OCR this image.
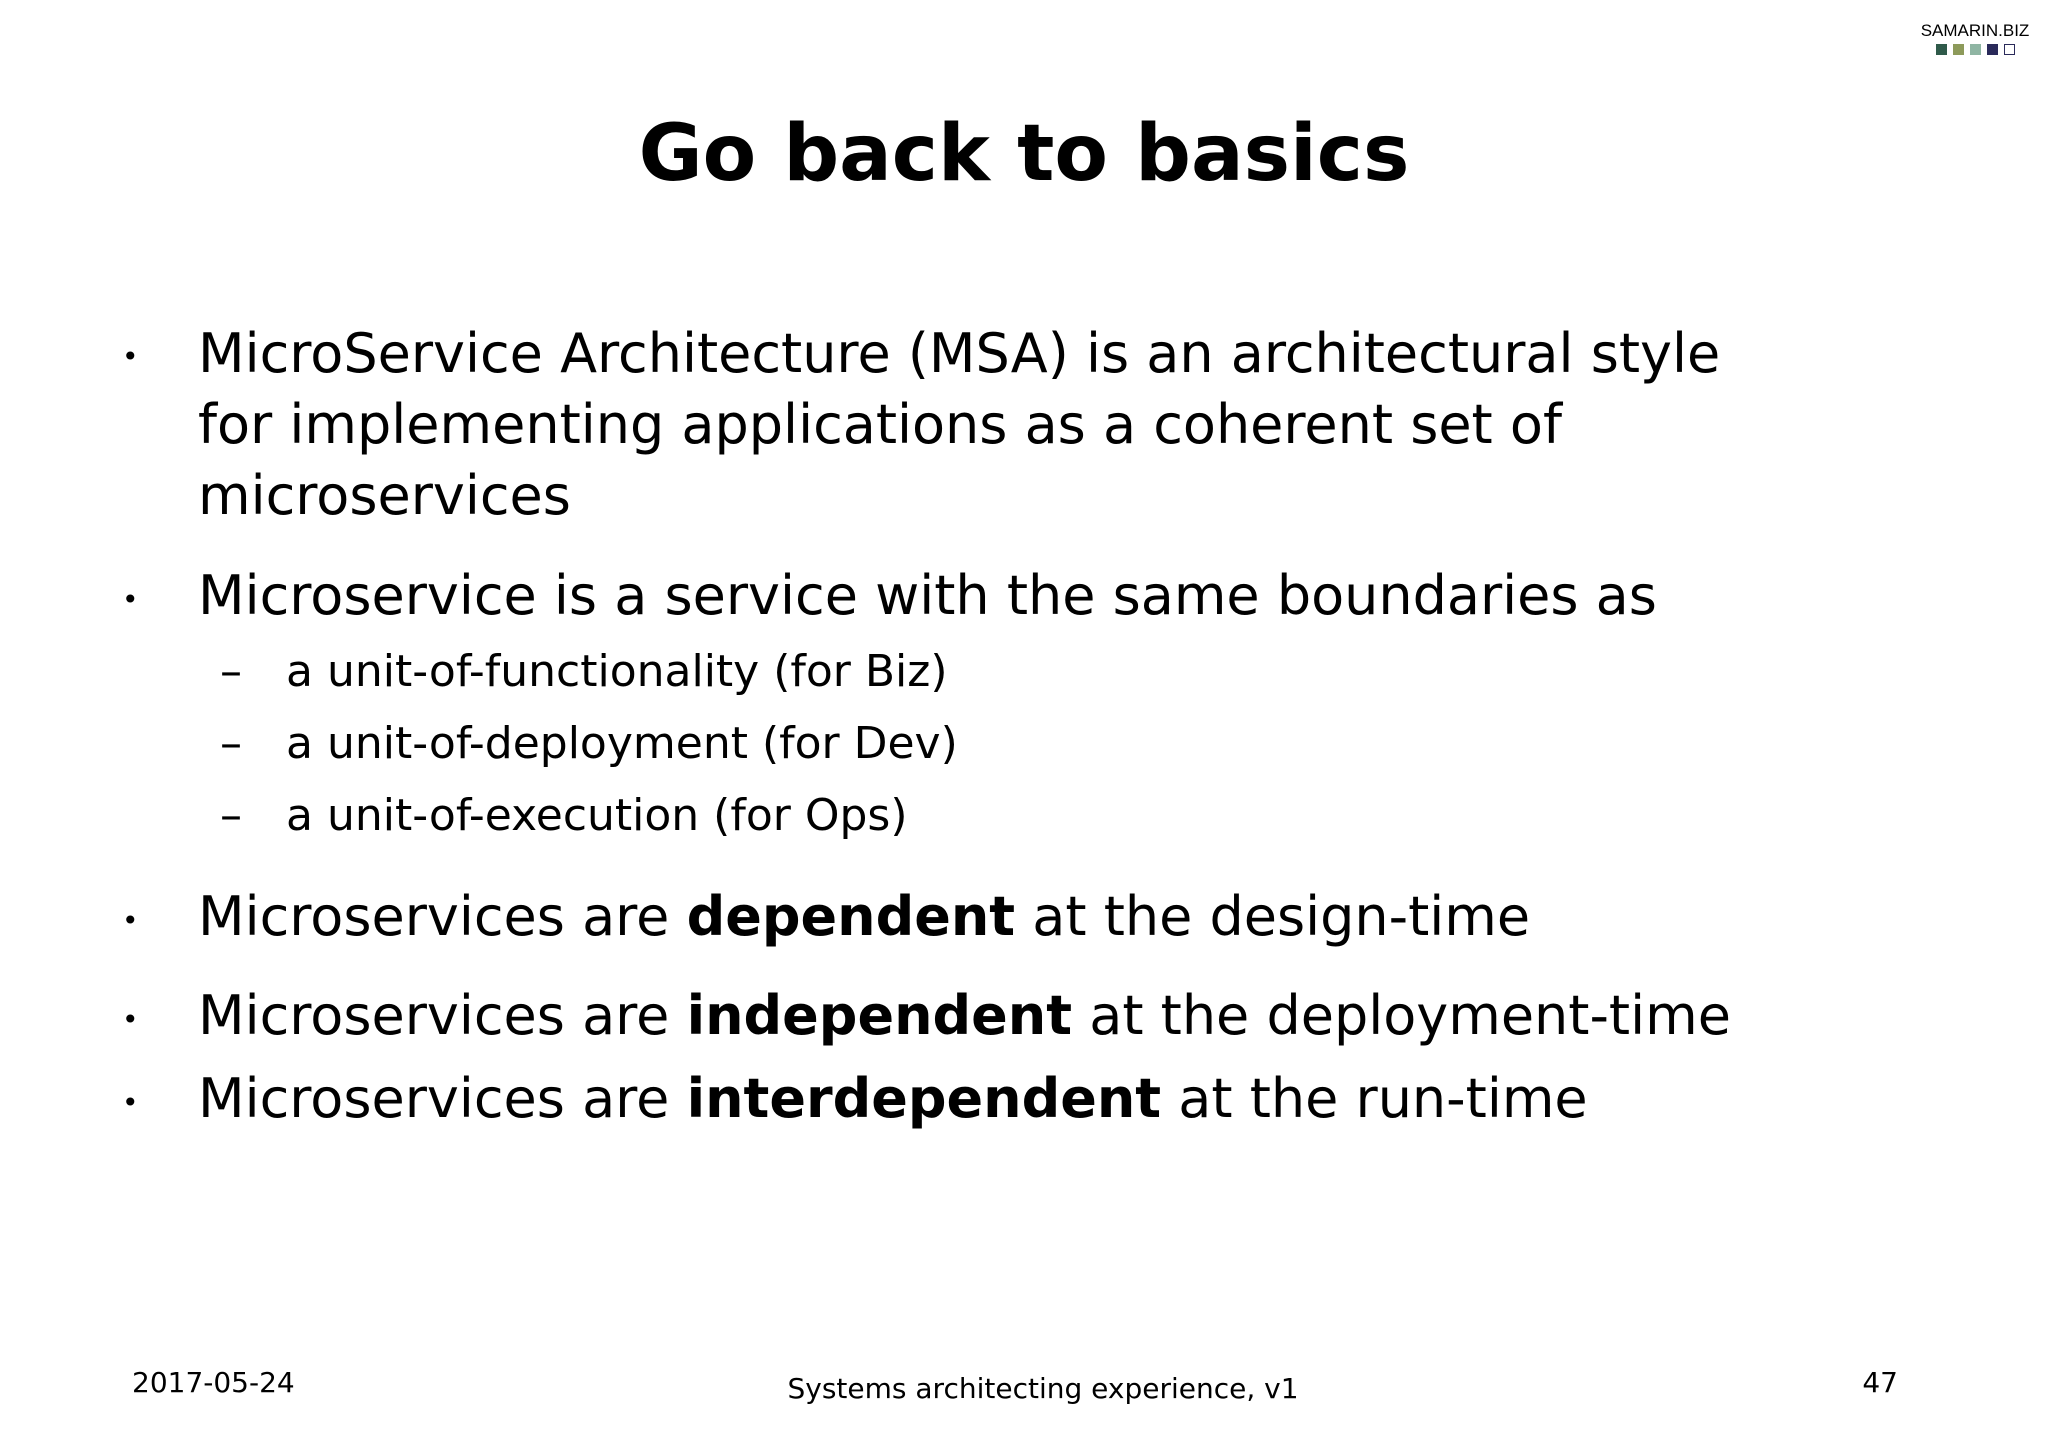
SAMARIN.BIZ
Go back to basics
• MicroService Architecture (MSA) is an architectural style
for implementing applications as a coherent set of
microservices
• Microservice is a service with the same boundaries as
– a unit-of-functionality (for Biz)
– a unit-of-deployment (for Dev)
– a unit-of-execution (for Ops)
• Microservices are dependent at the design-time
• Microservices are independent at the deployment-time
• Microservices are interdependent at the run-time
2017-05-24	Systems architecting experience, v1	47
